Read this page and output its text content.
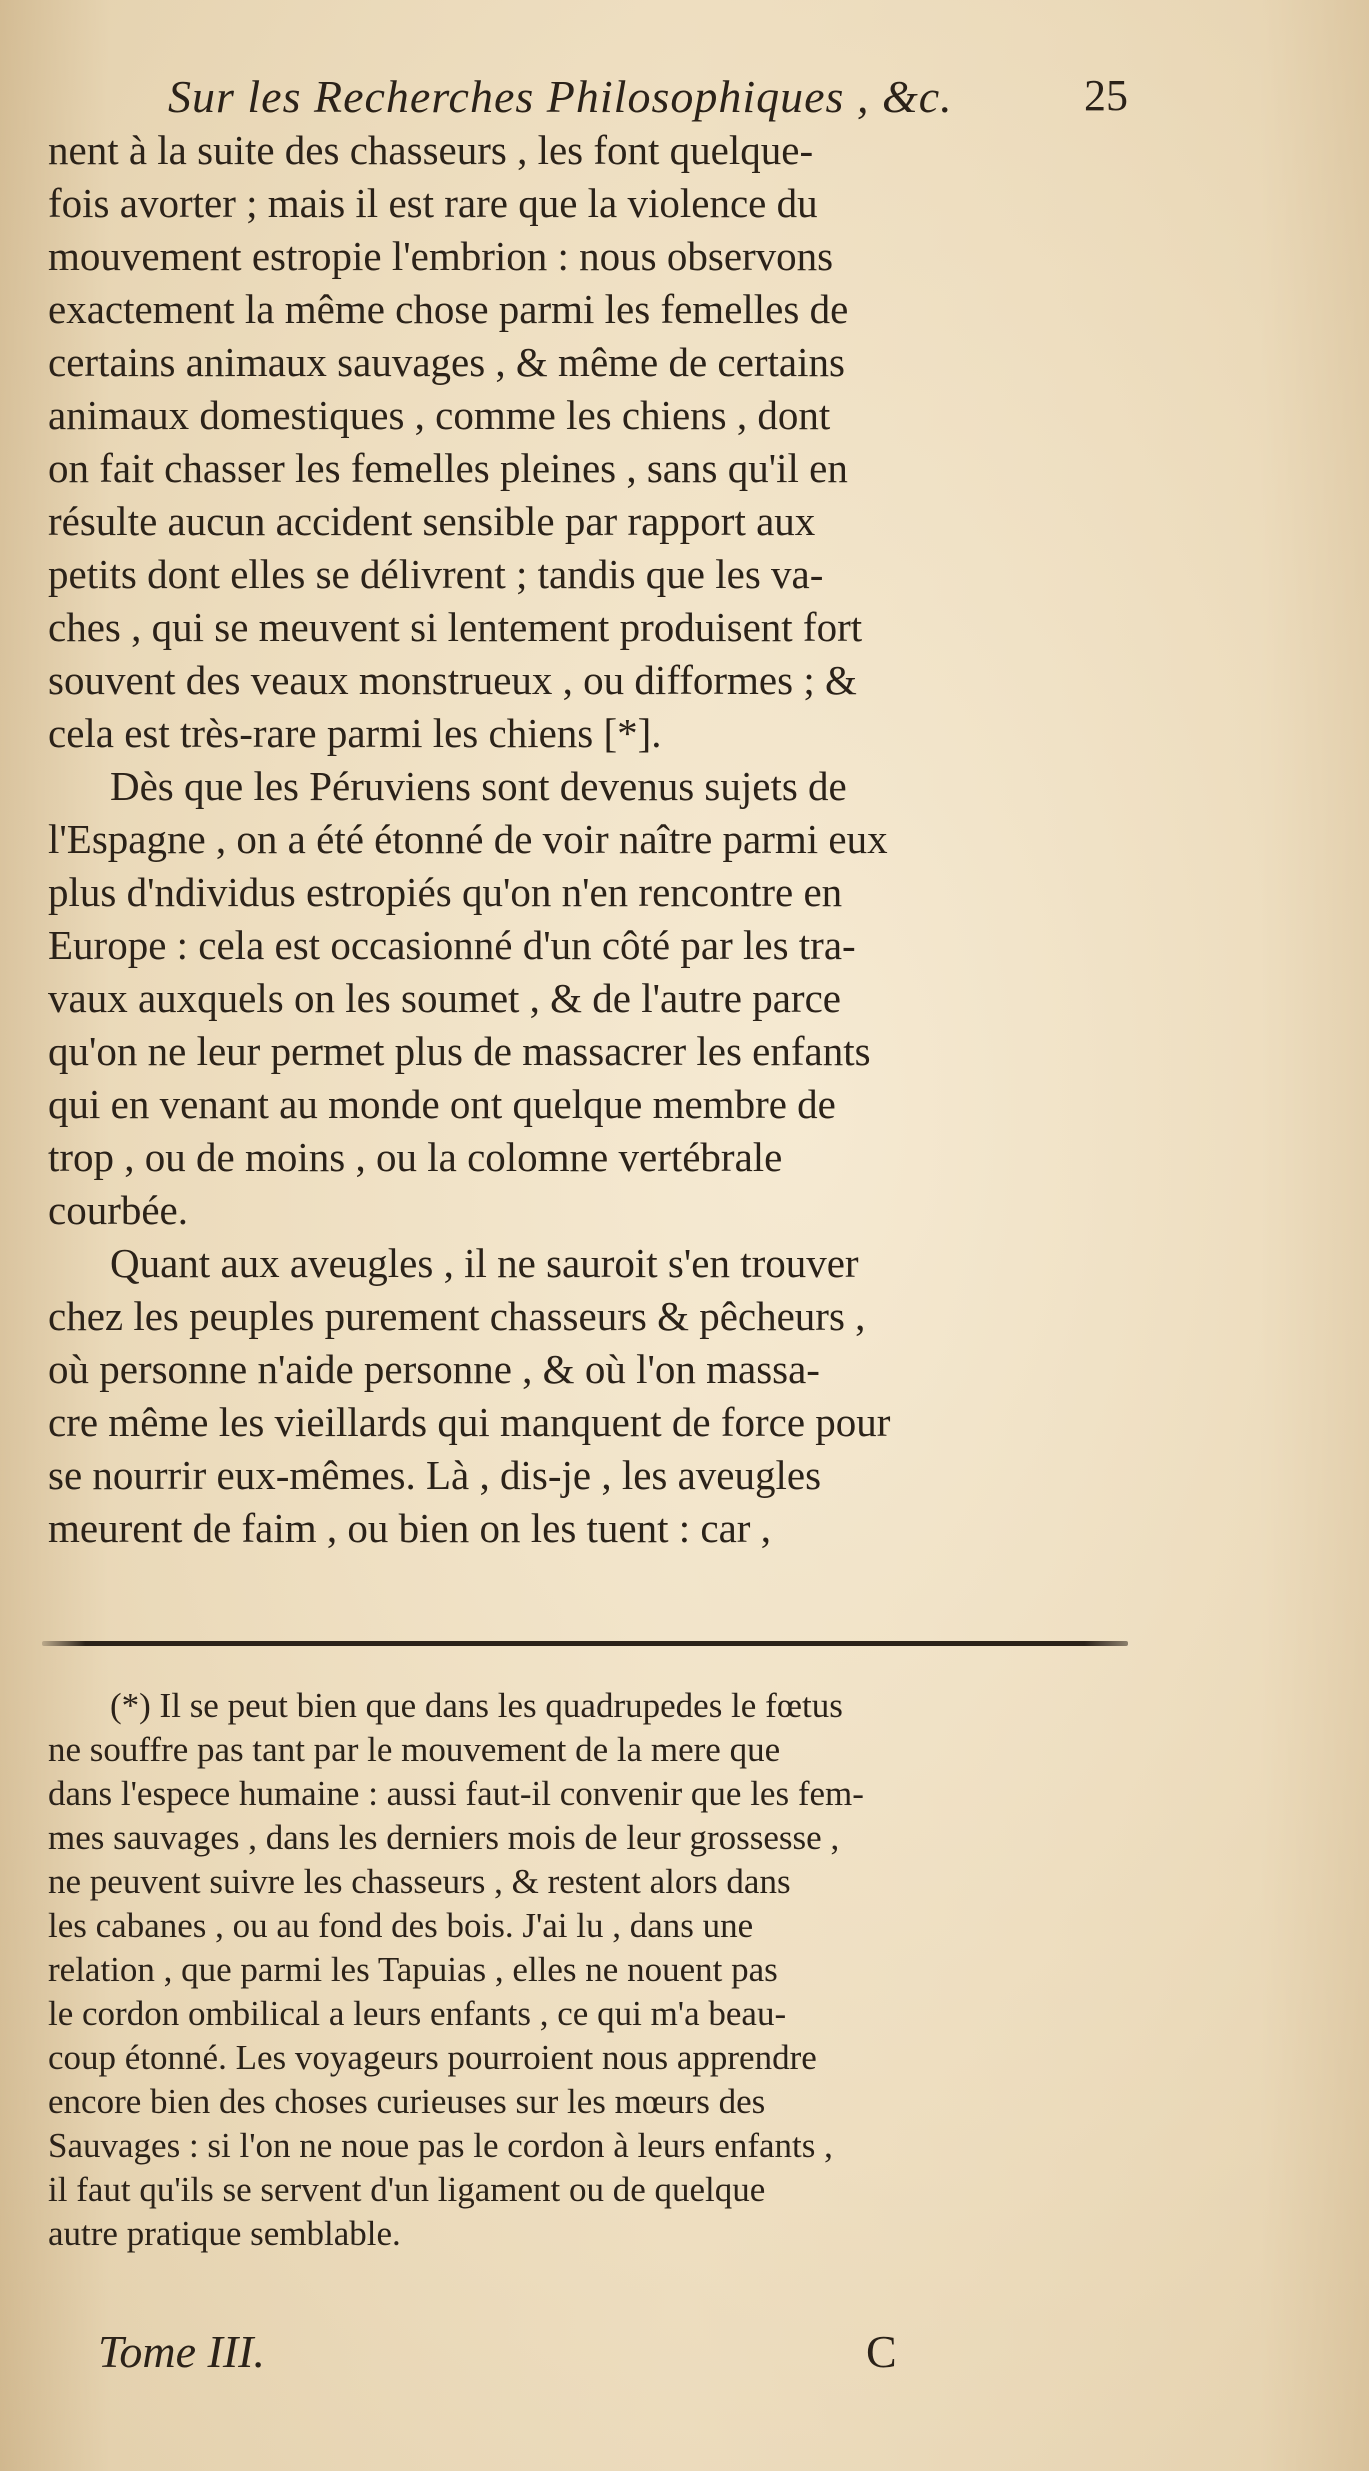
Sur les Recherches Philosophiques , &c.	25
nent à la suite des chasseurs , les font quelque-
fois avorter ; mais il est rare que la violence du
mouvement estropie l'embrion : nous observons
exactement la même chose parmi les femelles de
certains animaux sauvages , & même de certains
animaux domestiques , comme les chiens , dont
on fait chasser les femelles pleines , sans qu'il en
résulte aucun accident sensible par rapport aux
petits dont elles se délivrent ; tandis que les va-
ches , qui se meuvent si lentement produisent fort
souvent des veaux monstrueux , ou difformes ; &
cela est très-rare parmi les chiens [*].
Dès que les Péruviens sont devenus sujets de
l'Espagne , on a été étonné de voir naître parmi eux
plus d'ndividus estropiés qu'on n'en rencontre en
Europe : cela est occasionné d'un côté par les tra-
vaux auxquels on les soumet , & de l'autre parce
qu'on ne leur permet plus de massacrer les enfants
qui en venant au monde ont quelque membre de
trop , ou de moins , ou la colomne vertébrale
courbée.
Quant aux aveugles , il ne sauroit s'en trouver
chez les peuples purement chasseurs & pêcheurs ,
où personne n'aide personne , & où l'on massa-
cre même les vieillards qui manquent de force pour
se nourrir eux-mêmes. Là , dis-je , les aveugles
meurent de faim , ou bien on les tuent : car ,
(*) Il se peut bien que dans les quadrupedes le fœtus
ne souffre pas tant par le mouvement de la mere que
dans l'espece humaine : aussi faut-il convenir que les fem-
mes sauvages , dans les derniers mois de leur grossesse ,
ne peuvent suivre les chasseurs , & restent alors dans
les cabanes , ou au fond des bois. J'ai lu , dans une
relation , que parmi les Tapuias , elles ne nouent pas
le cordon ombilical a leurs enfants , ce qui m'a beau-
coup étonné. Les voyageurs pourroient nous apprendre
encore bien des choses curieuses sur les mœurs des
Sauvages : si l'on ne noue pas le cordon à leurs enfants ,
il faut qu'ils se servent d'un ligament ou de quelque
autre pratique semblable.
Tome III.	C
